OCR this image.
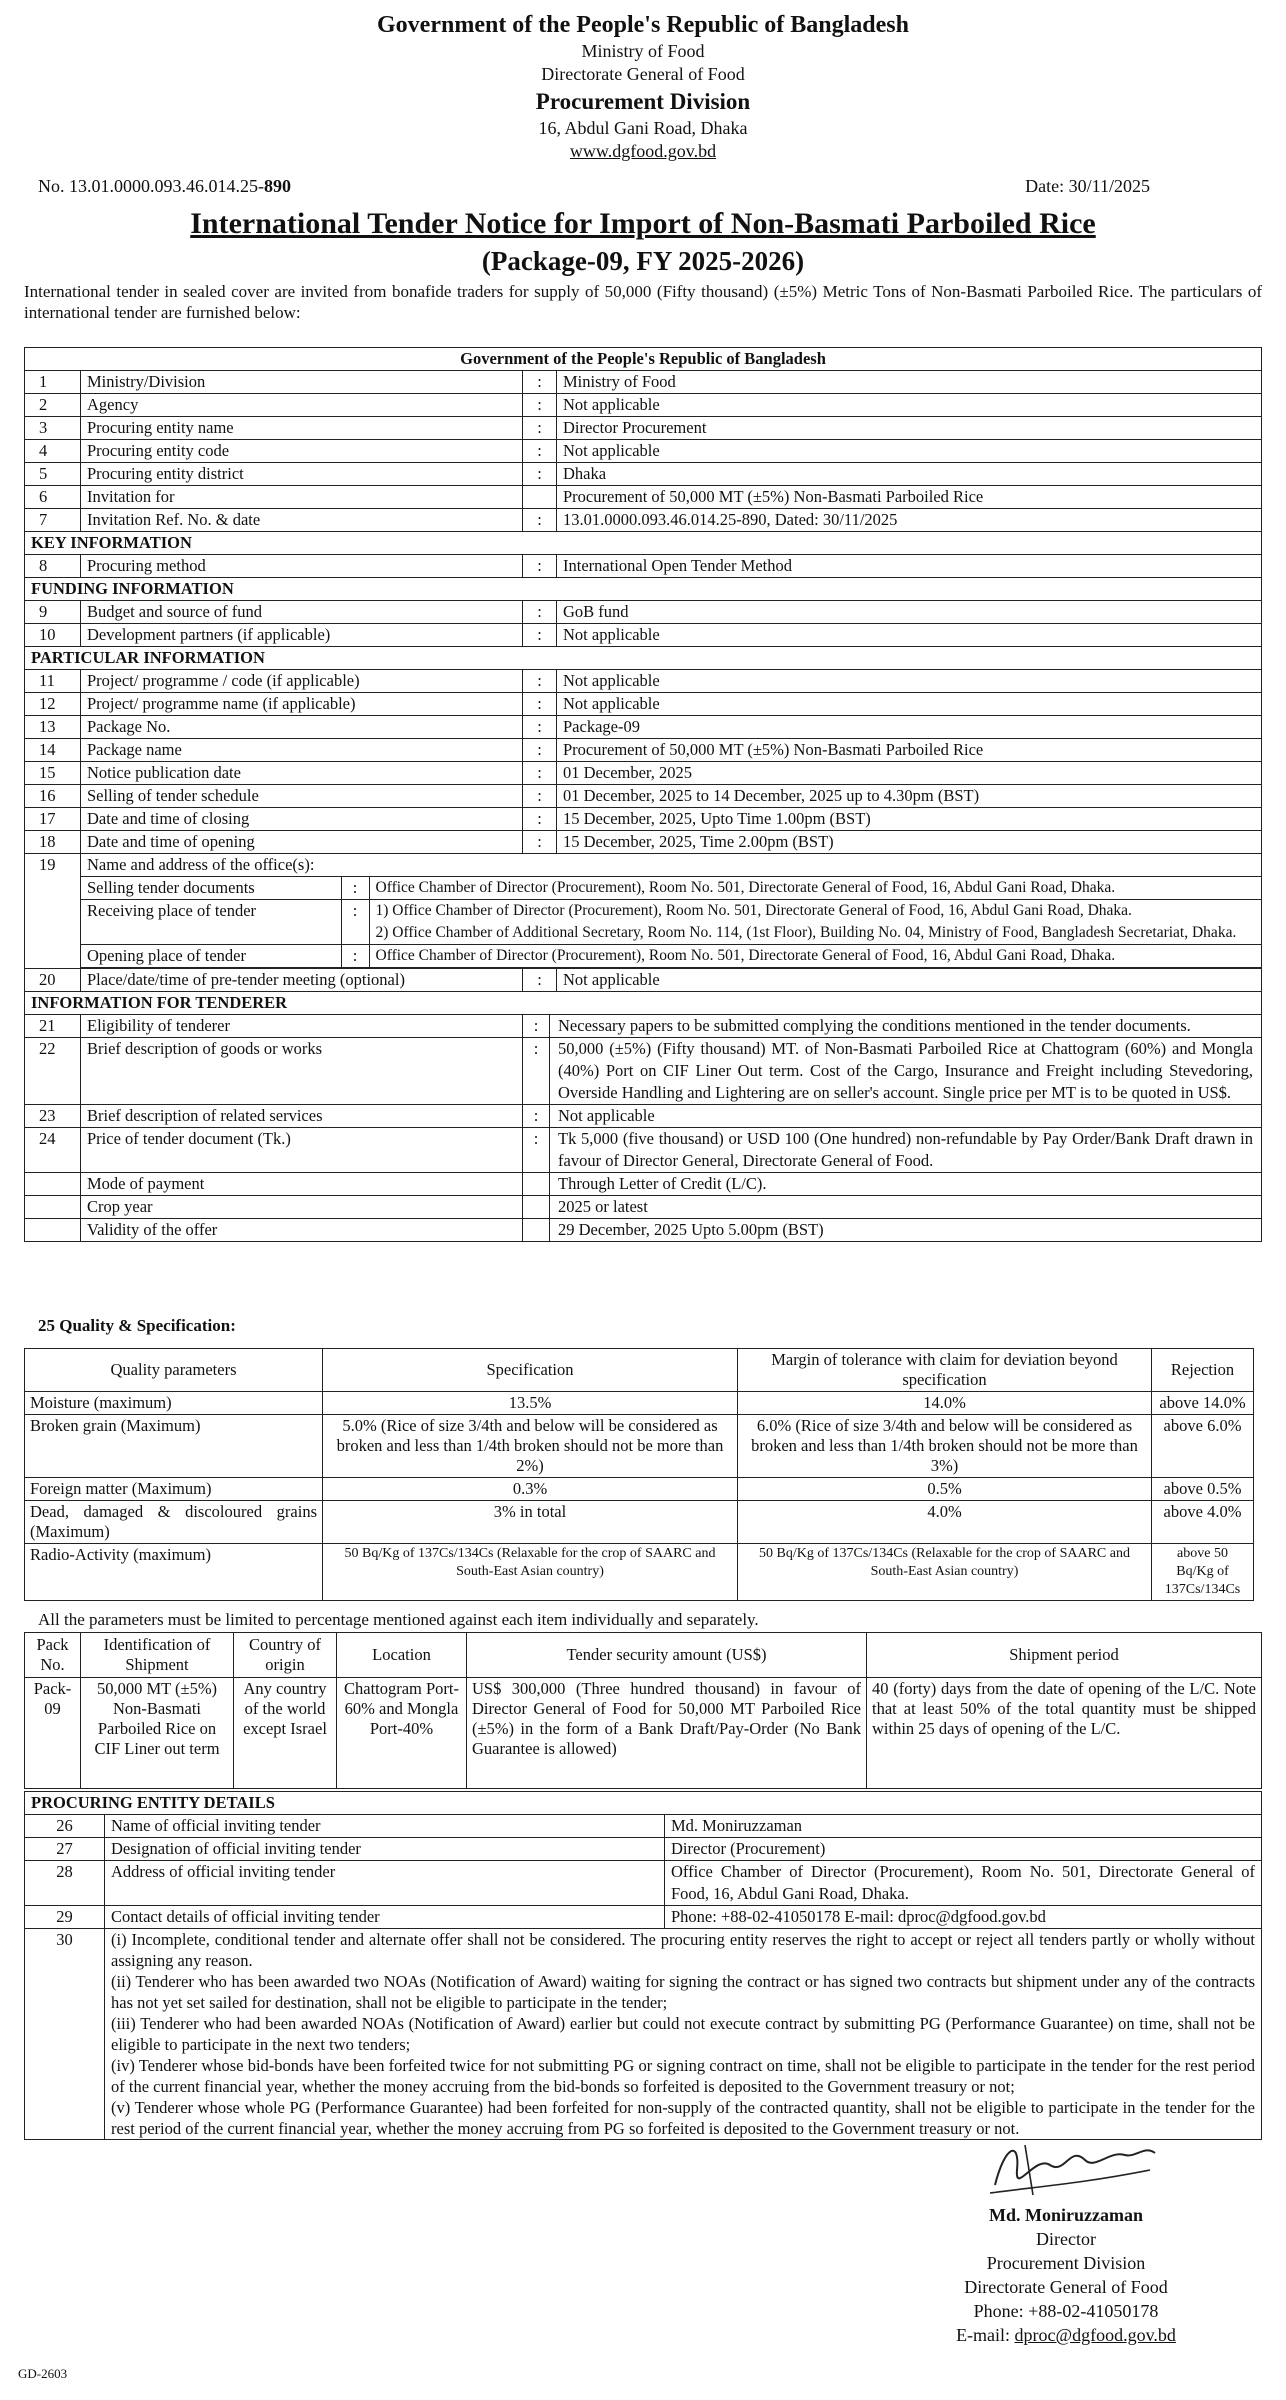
Government of the People's Republic of Bangladesh
Ministry of Food
Directorate General of Food
Procurement Division
16, Abdul Gani Road, Dhaka
www.dgfood.gov.bd
No. 13.01.0000.093.46.014.25-890	Date: 30/11/2025
International Tender Notice for Import of Non-Basmati Parboiled Rice
(Package-09, FY 2025-2026)
International tender in sealed cover are invited from bonafide traders for supply of 50,000 (Fifty thousand) (±5%) Metric Tons of Non-Basmati Parboiled Rice. The particulars of international tender are furnished below:
Government of the People's Republic of Bangladesh
1	Ministry/Division	:	Ministry of Food
2	Agency	:	Not applicable
3	Procuring entity name	:	Director Procurement
4	Procuring entity code	:	Not applicable
5	Procuring entity district	:	Dhaka
6	Invitation for		Procurement of 50,000 MT (±5%) Non-Basmati Parboiled Rice
7	Invitation Ref. No. & date	:	13.01.0000.093.46.014.25-890, Dated: 30/11/2025
KEY INFORMATION
8	Procuring method	:	International Open Tender Method
FUNDING INFORMATION
9	Budget and source of fund	:	GoB fund
10	Development partners (if applicable)	:	Not applicable
PARTICULAR INFORMATION
11	Project/ programme / code (if applicable)	:	Not applicable
12	Project/ programme name (if applicable)	:	Not applicable
13	Package No.	:	Package-09
14	Package name	:	Procurement of 50,000 MT (±5%) Non-Basmati Parboiled Rice
15	Notice publication date	:	01 December, 2025
16	Selling of tender schedule	:	01 December, 2025 to 14 December, 2025 up to 4.30pm (BST)
17	Date and time of closing	:	15 December, 2025, Upto Time 1.00pm (BST)
18	Date and time of opening	:	15 December, 2025, Time 2.00pm (BST)
19	Name and address of the office(s):
Selling tender documents	:	Office Chamber of Director (Procurement), Room No. 501, Directorate General of Food, 16, Abdul Gani Road, Dhaka.

Receiving place of tender	:	1) Office Chamber of Director (Procurement), Room No. 501, Directorate General of Food, 16, Abdul Gani Road, Dhaka.
2) Office Chamber of Additional Secretary, Room No. 114, (1st Floor), Building No. 04, Ministry of Food, Bangladesh Secretariat, Dhaka.

Opening place of tender	:	Office Chamber of Director (Procurement), Room No. 501, Directorate General of Food, 16, Abdul Gani Road, Dhaka.

20	Place/date/time of pre-tender meeting (optional)	:	Not applicable
INFORMATION FOR TENDERER
21	Eligibility of tenderer	:	Necessary papers to be submitted complying the conditions mentioned in the tender documents.

22	Brief description of goods or works	:	50,000 (±5%) (Fifty thousand) MT. of Non-Basmati Parboiled Rice at Chattogram (60%) and Mongla (40%) Port on CIF Liner Out term. Cost of the Cargo, Insurance and Freight including Stevedoring, Overside Handling and Lightering are on seller's account. Single price per MT is to be quoted in US$.

23	Brief description of related services	:	Not applicable

24	Price of tender document (Tk.)	:	Tk 5,000 (five thousand) or USD 100 (One hundred) non-refundable by Pay Order/Bank Draft drawn in favour of Director General, Directorate General of Food.

	Mode of payment	Through Letter of Credit (L/C).

	Crop year	2025 or latest

	Validity of the offer	29 December, 2025 Upto 5.00pm (BST)
25 Quality & Specification:
Quality parameters	Specification	Margin of tolerance with claim for deviation beyond specification	Rejection
Moisture (maximum)	13.5%	14.0%	above 14.0%
Broken grain (Maximum)	5.0% (Rice of size 3/4th and below will be considered as broken and less than 1/4th broken should not be more than 2%)	6.0% (Rice of size 3/4th and below will be considered as broken and less than 1/4th broken should not be more than 3%)	above 6.0%
Foreign matter (Maximum)	0.3%	0.5%	above 0.5%
Dead, damaged & discoloured grains (Maximum)	3% in total	4.0%	above 4.0%
Radio-Activity (maximum)	50 Bq/Kg of 137Cs/134Cs (Relaxable for the crop of SAARC and South-East Asian country)	50 Bq/Kg of 137Cs/134Cs (Relaxable for the crop of SAARC and South-East Asian country)	above 50 Bq/Kg of 137Cs/134Cs
All the parameters must be limited to percentage mentioned against each item individually and separately.
Pack No.	Identification of Shipment	Country of origin	Location	Tender security amount (US$)	Shipment period
Pack-09	50,000 MT (±5%) Non-Basmati Parboiled Rice on CIF Liner out term	Any country of the world except Israel	Chattogram Port-60% and Mongla Port-40%	US$ 300,000 (Three hundred thousand) in favour of Director General of Food for 50,000 MT Parboiled Rice (±5%) in the form of a Bank Draft/Pay-Order (No Bank Guarantee is allowed)	40 (forty) days from the date of opening of the L/C. Note that at least 50% of the total quantity must be shipped within 25 days of opening of the L/C.
PROCURING ENTITY DETAILS		
26	Name of official inviting tender	Md. Moniruzzaman
27	Designation of official inviting tender	Director (Procurement)
28	Address of official inviting tender	Office Chamber of Director (Procurement), Room No. 501, Directorate General of Food, 16, Abdul Gani Road, Dhaka.
29	Contact details of official inviting tender	Phone: +88-02-41050178 E-mail: dproc@dgfood.gov.bd
30	(i) Incomplete, conditional tender and alternate offer shall not be considered. The procuring entity reserves the right to accept or reject all tenders partly or wholly without assigning any reason.
(ii) Tenderer who has been awarded two NOAs (Notification of Award) waiting for signing the contract or has signed two contracts but shipment under any of the contracts has not yet set sailed for destination, shall not be eligible to participate in the tender;
(iii) Tenderer who had been awarded NOAs (Notification of Award) earlier but could not execute contract by submitting PG (Performance Guarantee) on time, shall not be eligible to participate in the next two tenders;
(iv) Tenderer whose bid-bonds have been forfeited twice for not submitting PG or signing contract on time, shall not be eligible to participate in the tender for the rest period of the current financial year, whether the money accruing from the bid-bonds so forfeited is deposited to the Government treasury or not;
(v) Tenderer whose whole PG (Performance Guarantee) had been forfeited for non-supply of the contracted quantity, shall not be eligible to participate in the tender for the rest period of the current financial year, whether the money accruing from PG so forfeited is deposited to the Government treasury or not.	
Md. Moniruzzaman
Director
Procurement Division
Directorate General of Food
Phone: +88-02-41050178
E-mail: dproc@dgfood.gov.bd
GD-2603
